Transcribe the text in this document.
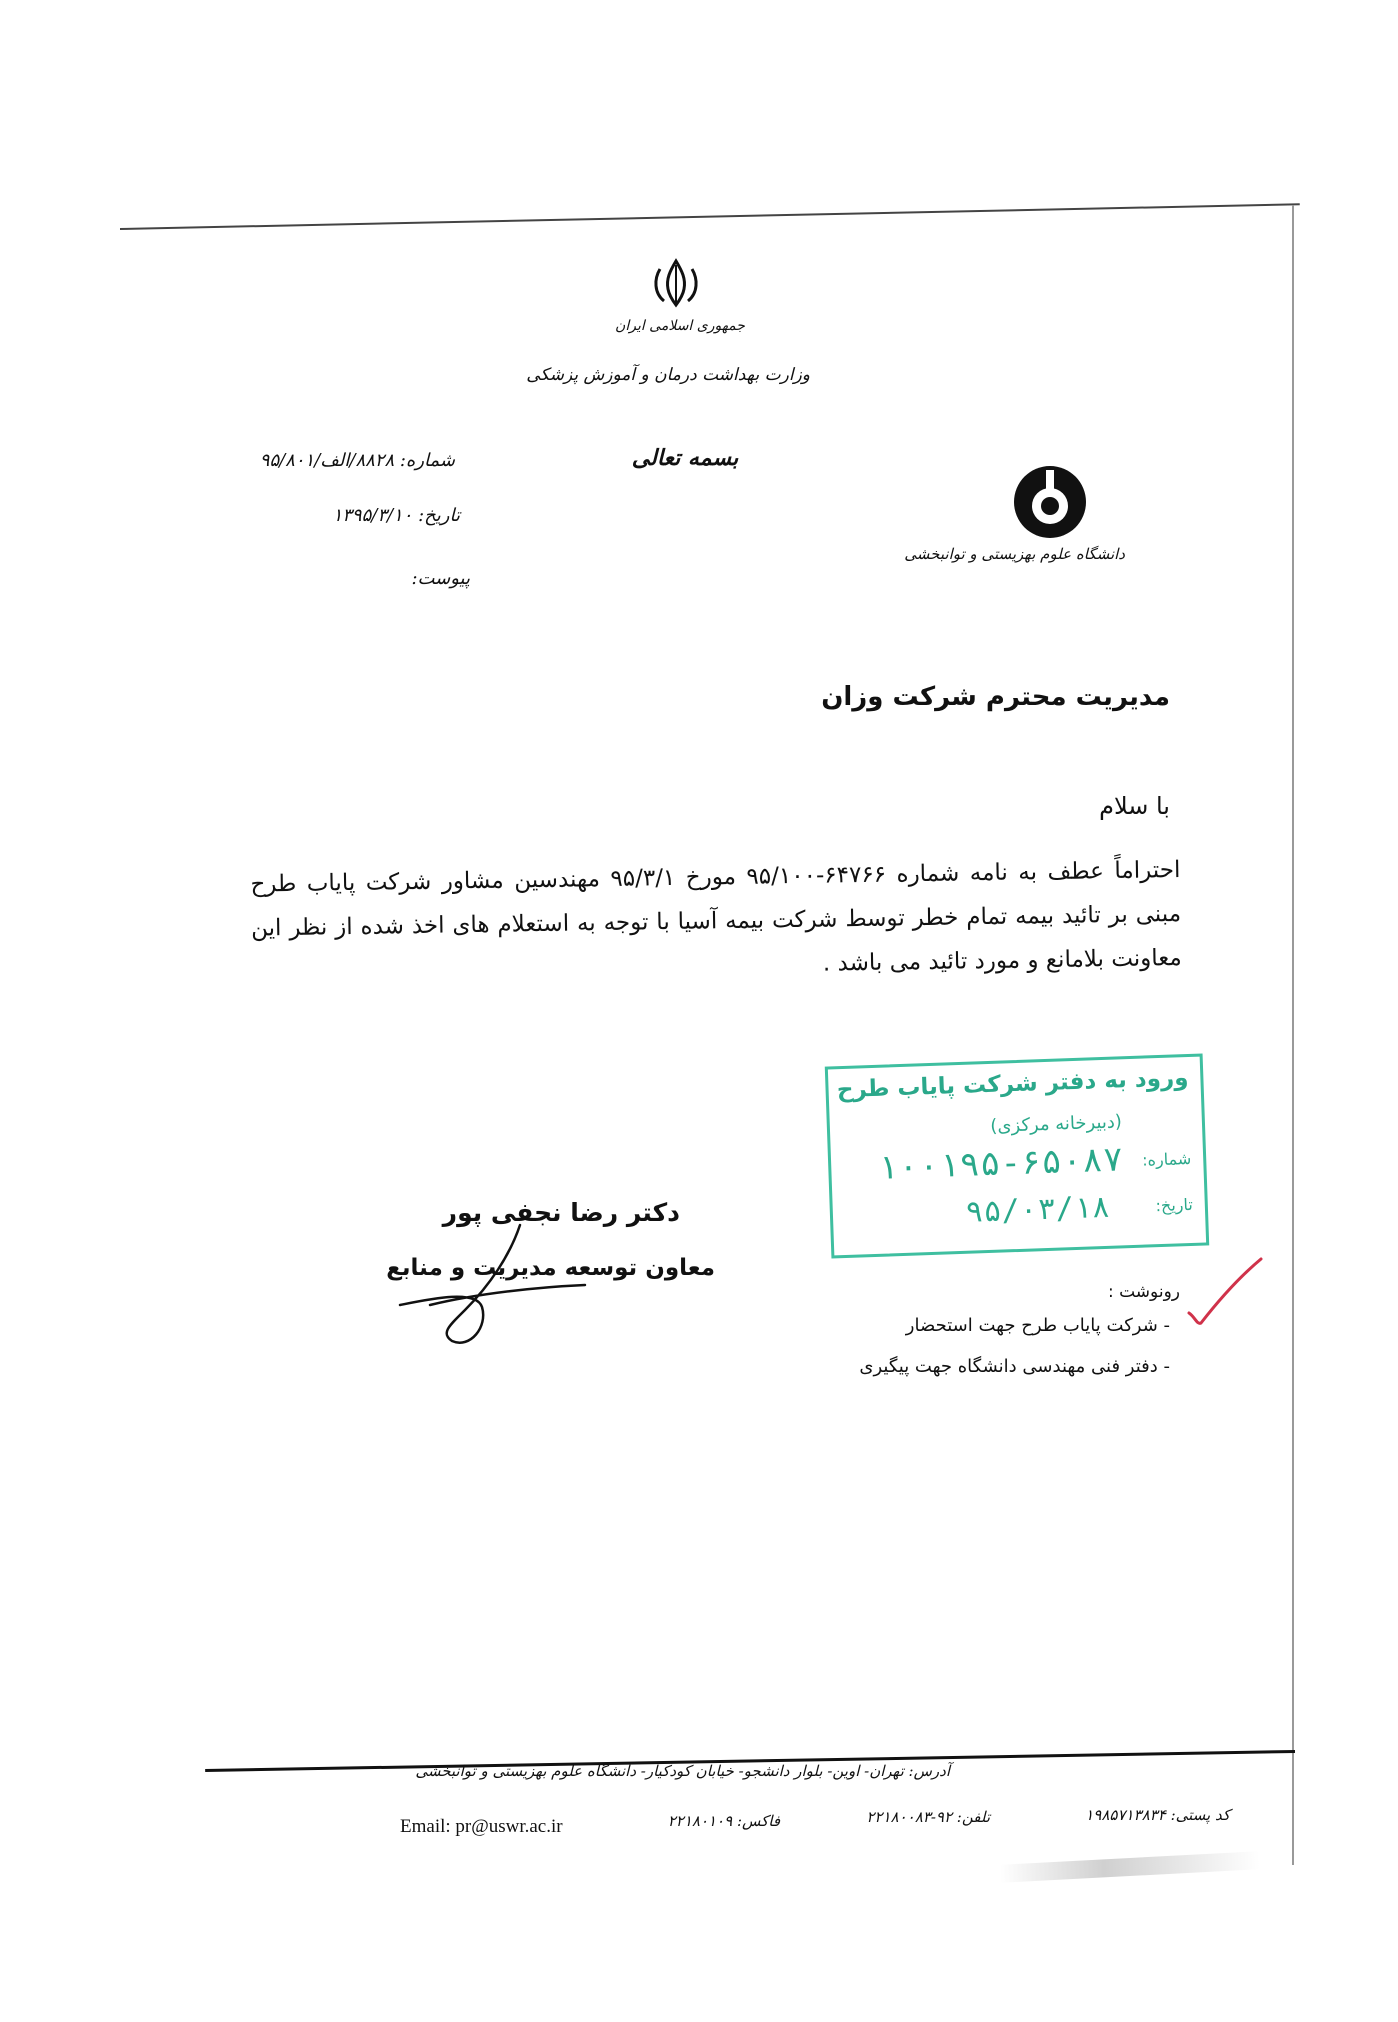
جمهوری اسلامی ایران
وزارت بهداشت درمان و آموزش پزشکی
بسمه تعالی
شماره: ۸۸۲۸/الف/۹۵/۸۰۱
تاریخ: ۱۳۹۵/۳/۱۰
پیوست:
دانشگاه علوم بهزیستی و توانبخشی
مدیریت محترم شرکت وزان
با سلام

احتراماً عطف به نامه شماره ۶۴۷۶۶-۹۵/۱۰۰ مورخ ۹۵/۳/۱ مهندسین مشاور شرکت پایاب طرح مبنی بر تائید بیمه تمام خطر توسط شرکت بیمه آسیا با توجه به استعلام های اخذ شده از نظر این معاونت بلامانع و مورد تائید می باشد .

ورود به دفتر شرکت پایاب طرح
(دبیرخانه مرکزی)
شماره:
۱۰۰۱۹۵-۶۵۰۸۷
تاریخ:
۹۵/۰۳/۱۸
دکتر رضا نجفی پور
معاون توسعه مدیریت و منابع
رونوشت :
- شرکت پایاب طرح جهت استحضار
- دفتر فنی مهندسی دانشگاه جهت پیگیری
آدرس: تهران- اوین- بلوار دانشجو- خیابان کودکیار- دانشگاه علوم بهزیستی و توانبخشی
کد پستی: ۱۹۸۵۷۱۳۸۳۴
تلفن: ۹۲-۲۲۱۸۰۰۸۳
فاکس: ۲۲۱۸۰۱۰۹
Email: pr@uswr.ac.ir
